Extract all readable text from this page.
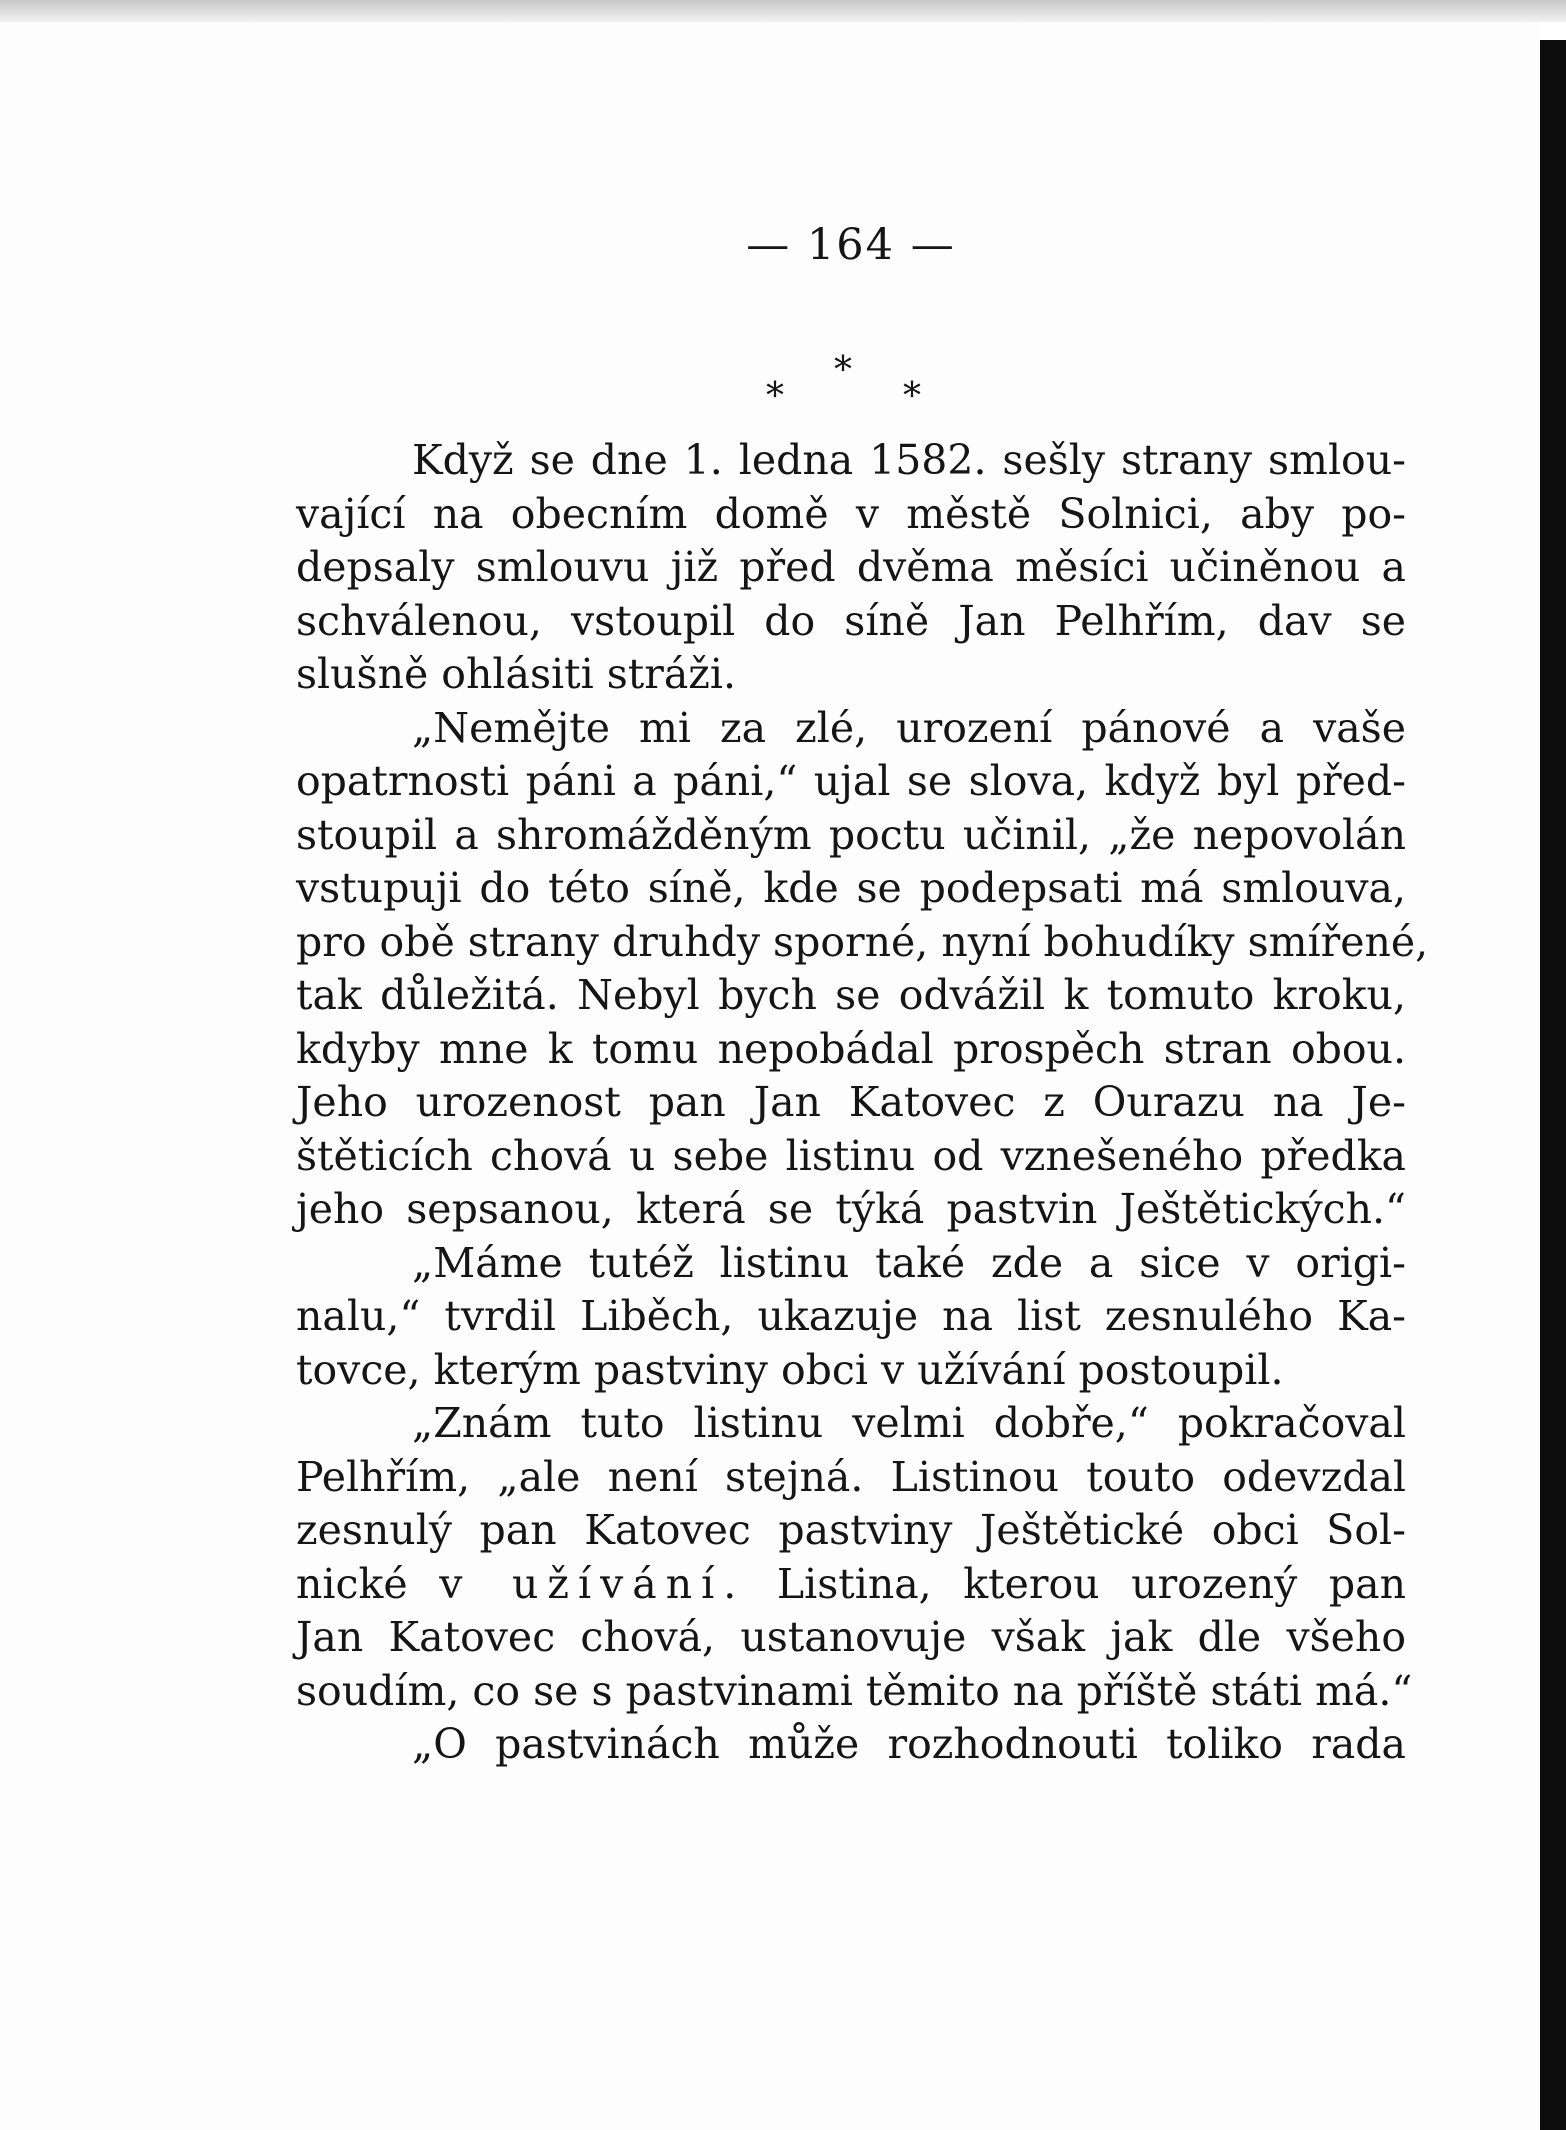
— 164 —
*
*	*
Když se dne 1. ledna 1582. sešly strany smlou-
vající na obecním domě v městě Solnici, aby po-
depsaly smlouvu již před dvěma měsíci učiněnou a
schválenou, vstoupil do síně Jan Pelhřím, dav se
slušně ohlásiti stráži.
„Nemějte mi za zlé, urození pánové a vaše
opatrnosti páni a páni,“ ujal se slova, když byl před-
stoupil a shromážděným poctu učinil, „že nepovolán
vstupuji do této síně, kde se podepsati má smlouva,
pro obě strany druhdy sporné, nyní bohudíky smířené,
tak důležitá. Nebyl bych se odvážil k tomuto kroku,
kdyby mne k tomu nepobádal prospěch stran obou.
Jeho urozenost pan Jan Katovec z Ourazu na Je-
štěticích chová u sebe listinu od vznešeného předka
jeho sepsanou, která se týká pastvin Ještětických.“
„Máme tutéž listinu také zde a sice v origi-
nalu,“ tvrdil Liběch, ukazuje na list zesnulého Ka-
tovce, kterým pastviny obci v užívání postoupil.
„Znám tuto listinu velmi dobře,“ pokračoval
Pelhřím, „ale není stejná. Listinou touto odevzdal
zesnulý pan Katovec pastviny Ještětické obci Sol-
nické v užívání. Listina, kterou urozený pan
Jan Katovec chová, ustanovuje však jak dle všeho
soudím, co se s pastvinami těmito na příště státi má.“
„O pastvinách může rozhodnouti toliko rada
